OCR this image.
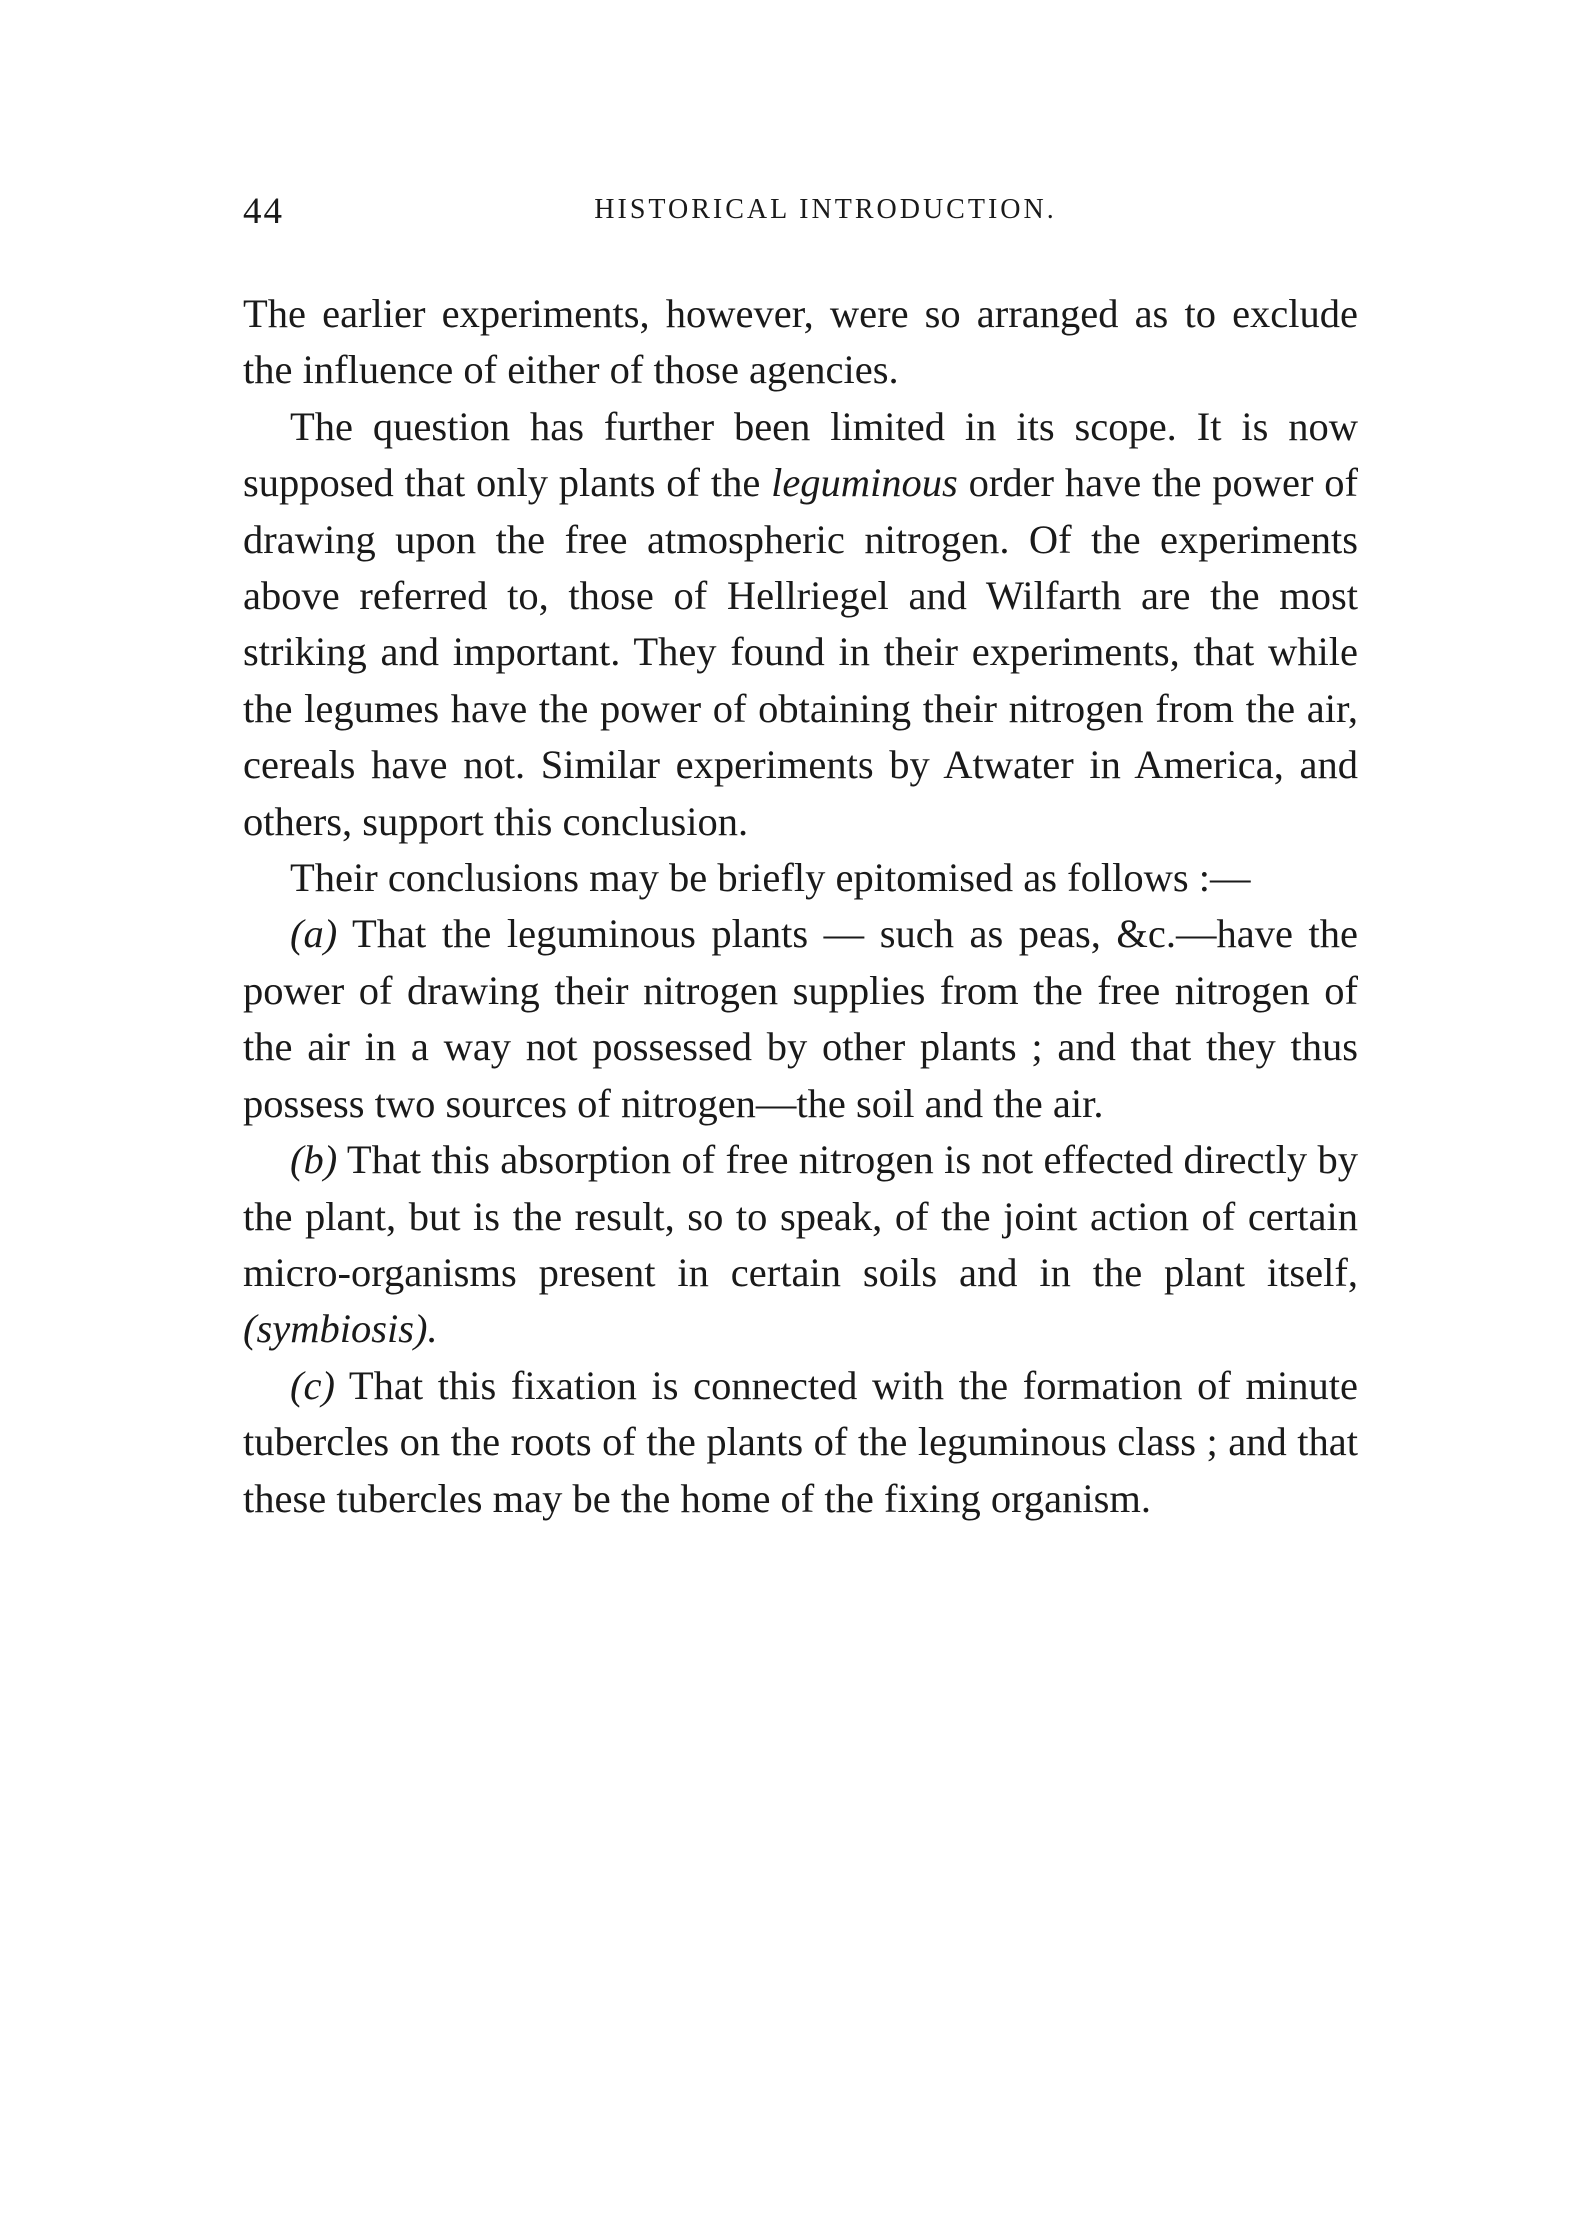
44	HISTORICAL INTRODUCTION.

The earlier experiments, however, were so arranged as to exclude the influence of either of those agencies.

The question has further been limited in its scope. It is now supposed that only plants of the leguminous order have the power of drawing upon the free atmospheric nitrogen. Of the experiments above referred to, those of Hellriegel and Wilfarth are the most striking and important. They found in their experiments, that while the legumes have the power of obtaining their nitrogen from the air, cereals have not. Similar experiments by Atwater in America, and others, support this conclusion.

Their conclusions may be briefly epitomised as follows :—

(a) That the leguminous plants — such as peas, &c.—have the power of drawing their nitrogen supplies from the free nitrogen of the air in a way not possessed by other plants ; and that they thus possess two sources of nitrogen—the soil and the air.

(b) That this absorption of free nitrogen is not effected directly by the plant, but is the result, so to speak, of the joint action of certain micro-organisms present in certain soils and in the plant itself, (symbiosis).

(c) That this fixation is connected with the formation of minute tubercles on the roots of the plants of the leguminous class ; and that these tubercles may be the home of the fixing organism.
